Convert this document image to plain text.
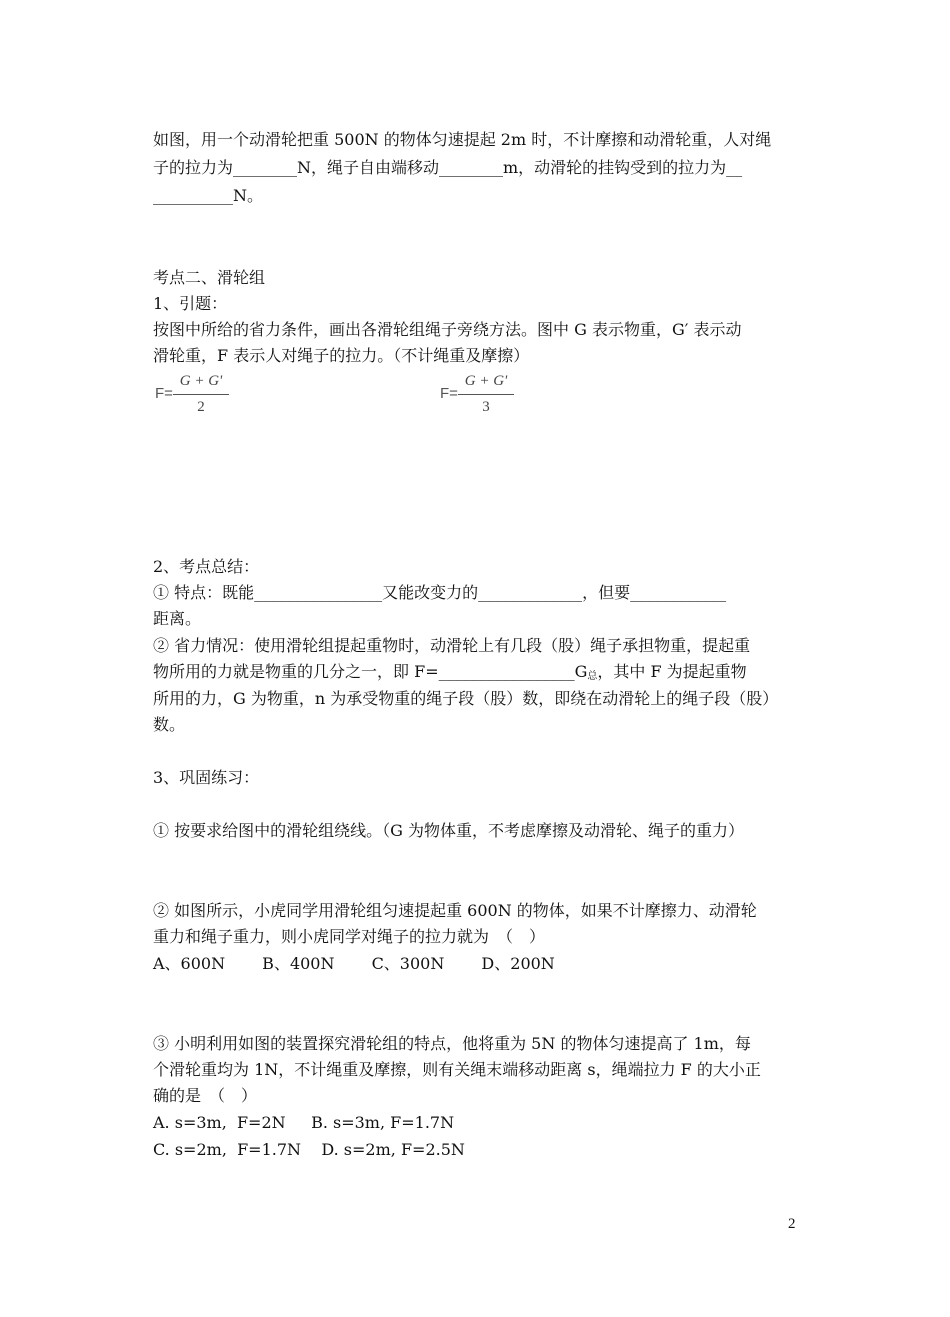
如图，用一个动滑轮把重 500N 的物体匀速提起 2m 时，不计摩擦和动滑轮重，人对绳
子的拉力为________N，绳子自由端移动________m，动滑轮的挂钩受到的拉力为__
__________N。
考点二、滑轮组
1、引题：
按图中所给的省力条件，画出各滑轮组绳子旁绕方法。图中 G 表示物重，G′ 表示动
滑轮重，F 表示人对绳子的拉力。（不计绳重及摩擦）
F=
G + G'
2
F=
G + G'
3
2、考点总结：
① 特点：既能________________又能改变力的_____________，但要____________
距离。
② 省力情况：使用滑轮组提起重物时，动滑轮上有几段（股）绳子承担物重，提起重
物所用的力就是物重的几分之一，即 F=_________________G总，其中 F 为提起重物
所用的力，G 为物重，n 为承受物重的绳子段（股）数，即绕在动滑轮上的绳子段（股）
数。
3、巩固练习：
① 按要求给图中的滑轮组绕线。（G 为物体重，不考虑摩擦及动滑轮、绳子的重力）
② 如图所示，小虎同学用滑轮组匀速提起重 600N 的物体，如果不计摩擦力、动滑轮
重力和绳子重力，则小虎同学对绳子的拉力就为　（　）
A、600N　　 B、400N　　 C、300N　　 D、200N
③ 小明利用如图的装置探究滑轮组的特点，他将重为 5N 的物体匀速提高了 1m，每
个滑轮重均为 1N，不计绳重及摩擦，则有关绳末端移动距离 s，绳端拉力 F 的大小正
确的是　（　）
A. s=3m,  F=2N     B. s=3m, F=1.7N
C. s=2m,  F=1.7N    D. s=2m, F=2.5N
2
